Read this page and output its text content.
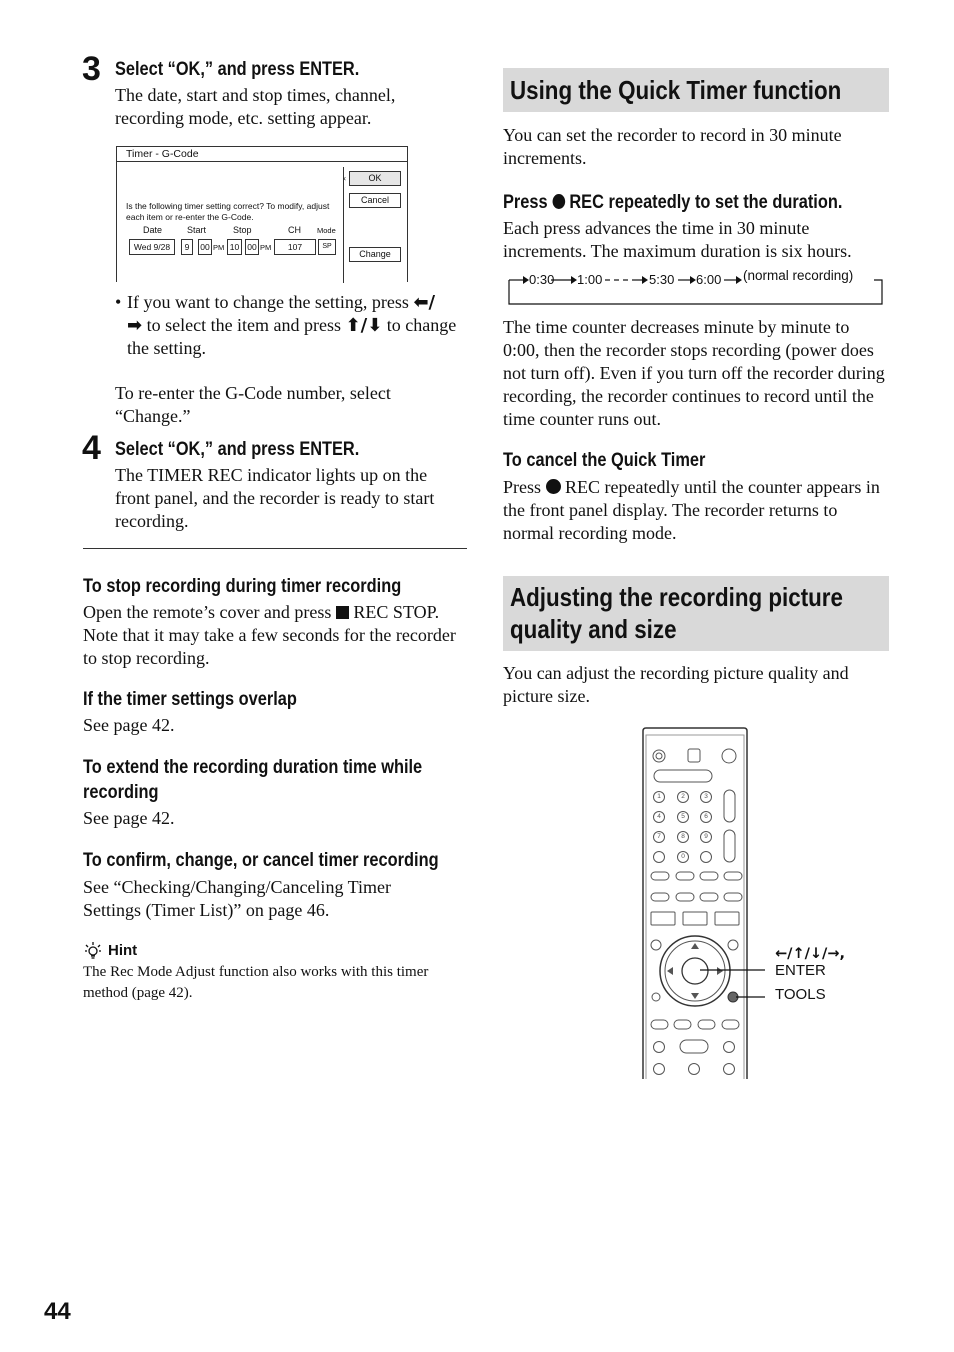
3 Select “OK,” and press ENTER.
The date, start and stop times, channel, recording mode, etc. setting appear.
Timer - G-Code
OK
‹
Cancel
Change
Is the following timer setting correct? To modify, adjust each item or re-enter the G-Code.
Date	Start	Stop	CH Mode
Wed 9/28	9	00 PM 10 00 PM	107	SP
• If you want to change the setting, press ⬅/
➡ to select the item and press ⬆/⬇ to change the setting.
To re-enter the G-Code number, select “Change.”
4 Select “OK,” and press ENTER.
The TIMER REC indicator lights up on the front panel, and the recorder is ready to start recording.
To stop recording during timer recording
Open the remote’s cover and press  REC STOP. Note that it may take a few seconds for the recorder to stop recording.
If the timer settings overlap
See page 42.
To extend the recording duration time while
recording
See page 42.
To confirm, change, or cancel timer recording
See “Checking/Changing/Canceling Timer Settings (Timer List)” on page 46.
Hint
The Rec Mode Adjust function also works with this timer method (page 42).
Using the Quick Timer function
You can set the recorder to record in 30 minute increments.
Press  REC repeatedly to set the duration.
Each press advances the time in 30 minute increments. The maximum duration is six hours.
0:30 1:00	5:30 6:00 (normal recording)
The time counter decreases minute by minute to 0:00, then the recorder stops recording (power does not turn off). Even if you turn off the recorder during recording, the recorder continues to record until the time counter runs out.
To cancel the Quick Timer
Press  REC repeatedly until the counter appears in the front panel display. The recorder returns to normal recording mode.
Adjusting the recording picture
quality and size
You can adjust the recording picture quality and picture size.
1	2	3
4	5	6
7	8	9
0
←/↑/↓/→,
ENTER
TOOLS
44
